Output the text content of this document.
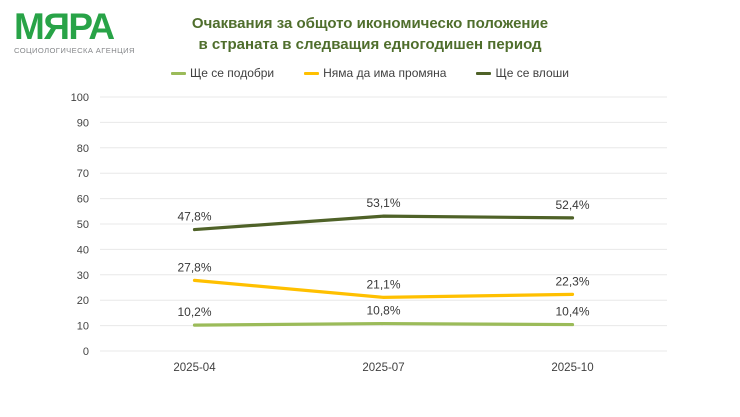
МЯРА
СОЦИОЛОГИЧЕСКА АГЕНЦИЯ
Очаквания за общото икономическо положение
в страната в следващия едногодишен период
Ще се подобри	Няма да има промяна	Ще се влоши
0
10
20
30
40
50
60
70
80
90
100
2025-04	2025-07	2025-10
10,2%	10,8%	10,4%
27,8%
21,1%	22,3%
47,8%
53,1%	52,4%
